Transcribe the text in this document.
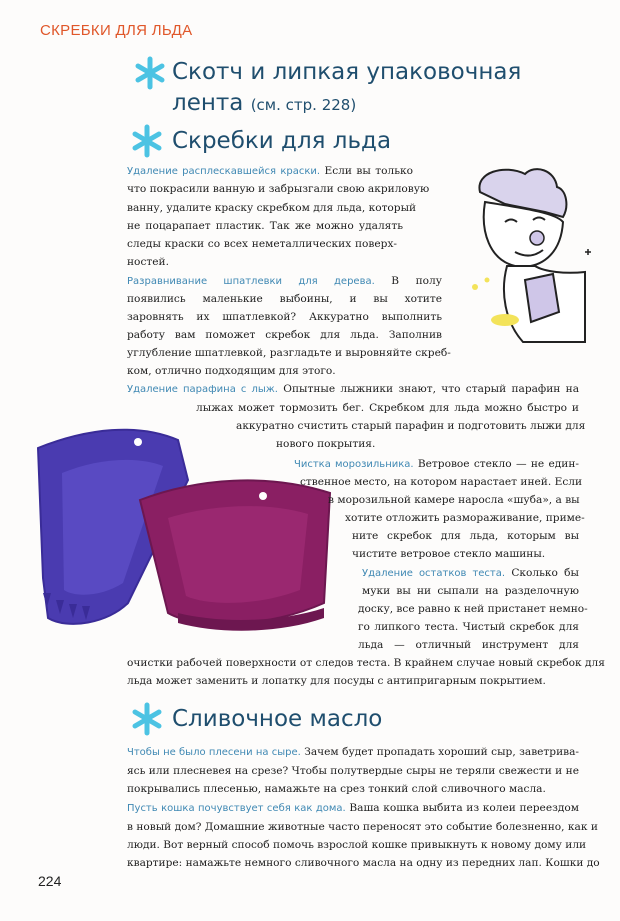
СКРЕБКИ ДЛЯ ЛЬДА
Скотч и липкая упаковочная
лента (см. стр. 228)
Скребки для льда
Сливочное масло
Удаление расплескавшейся краски. Если вы только
что покрасили ванную и забрызгали свою акриловую
ванну, удалите краску скребком для льда, который
не поцарапает пластик. Так же можно удалять
следы краски со всех неметаллических поверх-
ностей.
Разравнивание шпатлевки для дерева. В полу
появились маленькие выбоины, и вы хотите
заровнять их шпатлевкой? Аккуратно выполнить
работу вам поможет скребок для льда. Заполнив
углубление шпатлевкой, разгладьте и выровняйте скреб-
ком, отлично подходящим для этого.
Удаление парафина с лыж. Опытные лыжники знают, что старый парафин на
лыжах может тормозить бег. Скребком для льда можно быстро и
аккуратно счистить старый парафин и подготовить лыжи для
нового покрытия.
Чистка морозильника. Ветровое стекло — не един-
ственное место, на котором нарастает иней. Если
в морозильной камере наросла «шуба», а вы
хотите отложить размораживание, приме-
ните скребок для льда, которым вы
чистите ветровое стекло машины.
Удаление остатков теста. Сколько бы
муки вы ни сыпали на разделочную
доску, все равно к ней пристанет немно-
го липкого теста. Чистый скребок для
льда — отличный инструмент для
очистки рабочей поверхности от следов теста. В крайнем случае новый скребок для
льда может заменить и лопатку для посуды с антипригарным покрытием.
Чтобы не было плесени на сыре. Зачем будет пропадать хороший сыр, заветрива-
ясь или плесневея на срезе? Чтобы полутвердые сыры не теряли свежести и не
покрывались плесенью, намажьте на срез тонкий слой сливочного масла.
Пусть кошка почувствует себя как дома. Ваша кошка выбита из колеи переездом
в новый дом? Домашние животные часто переносят это событие болезненно, как и
люди. Вот верный способ помочь взрослой кошке привыкнуть к новому дому или
квартире: намажьте немного сливочного масла на одну из передних лап. Кошки до
224
